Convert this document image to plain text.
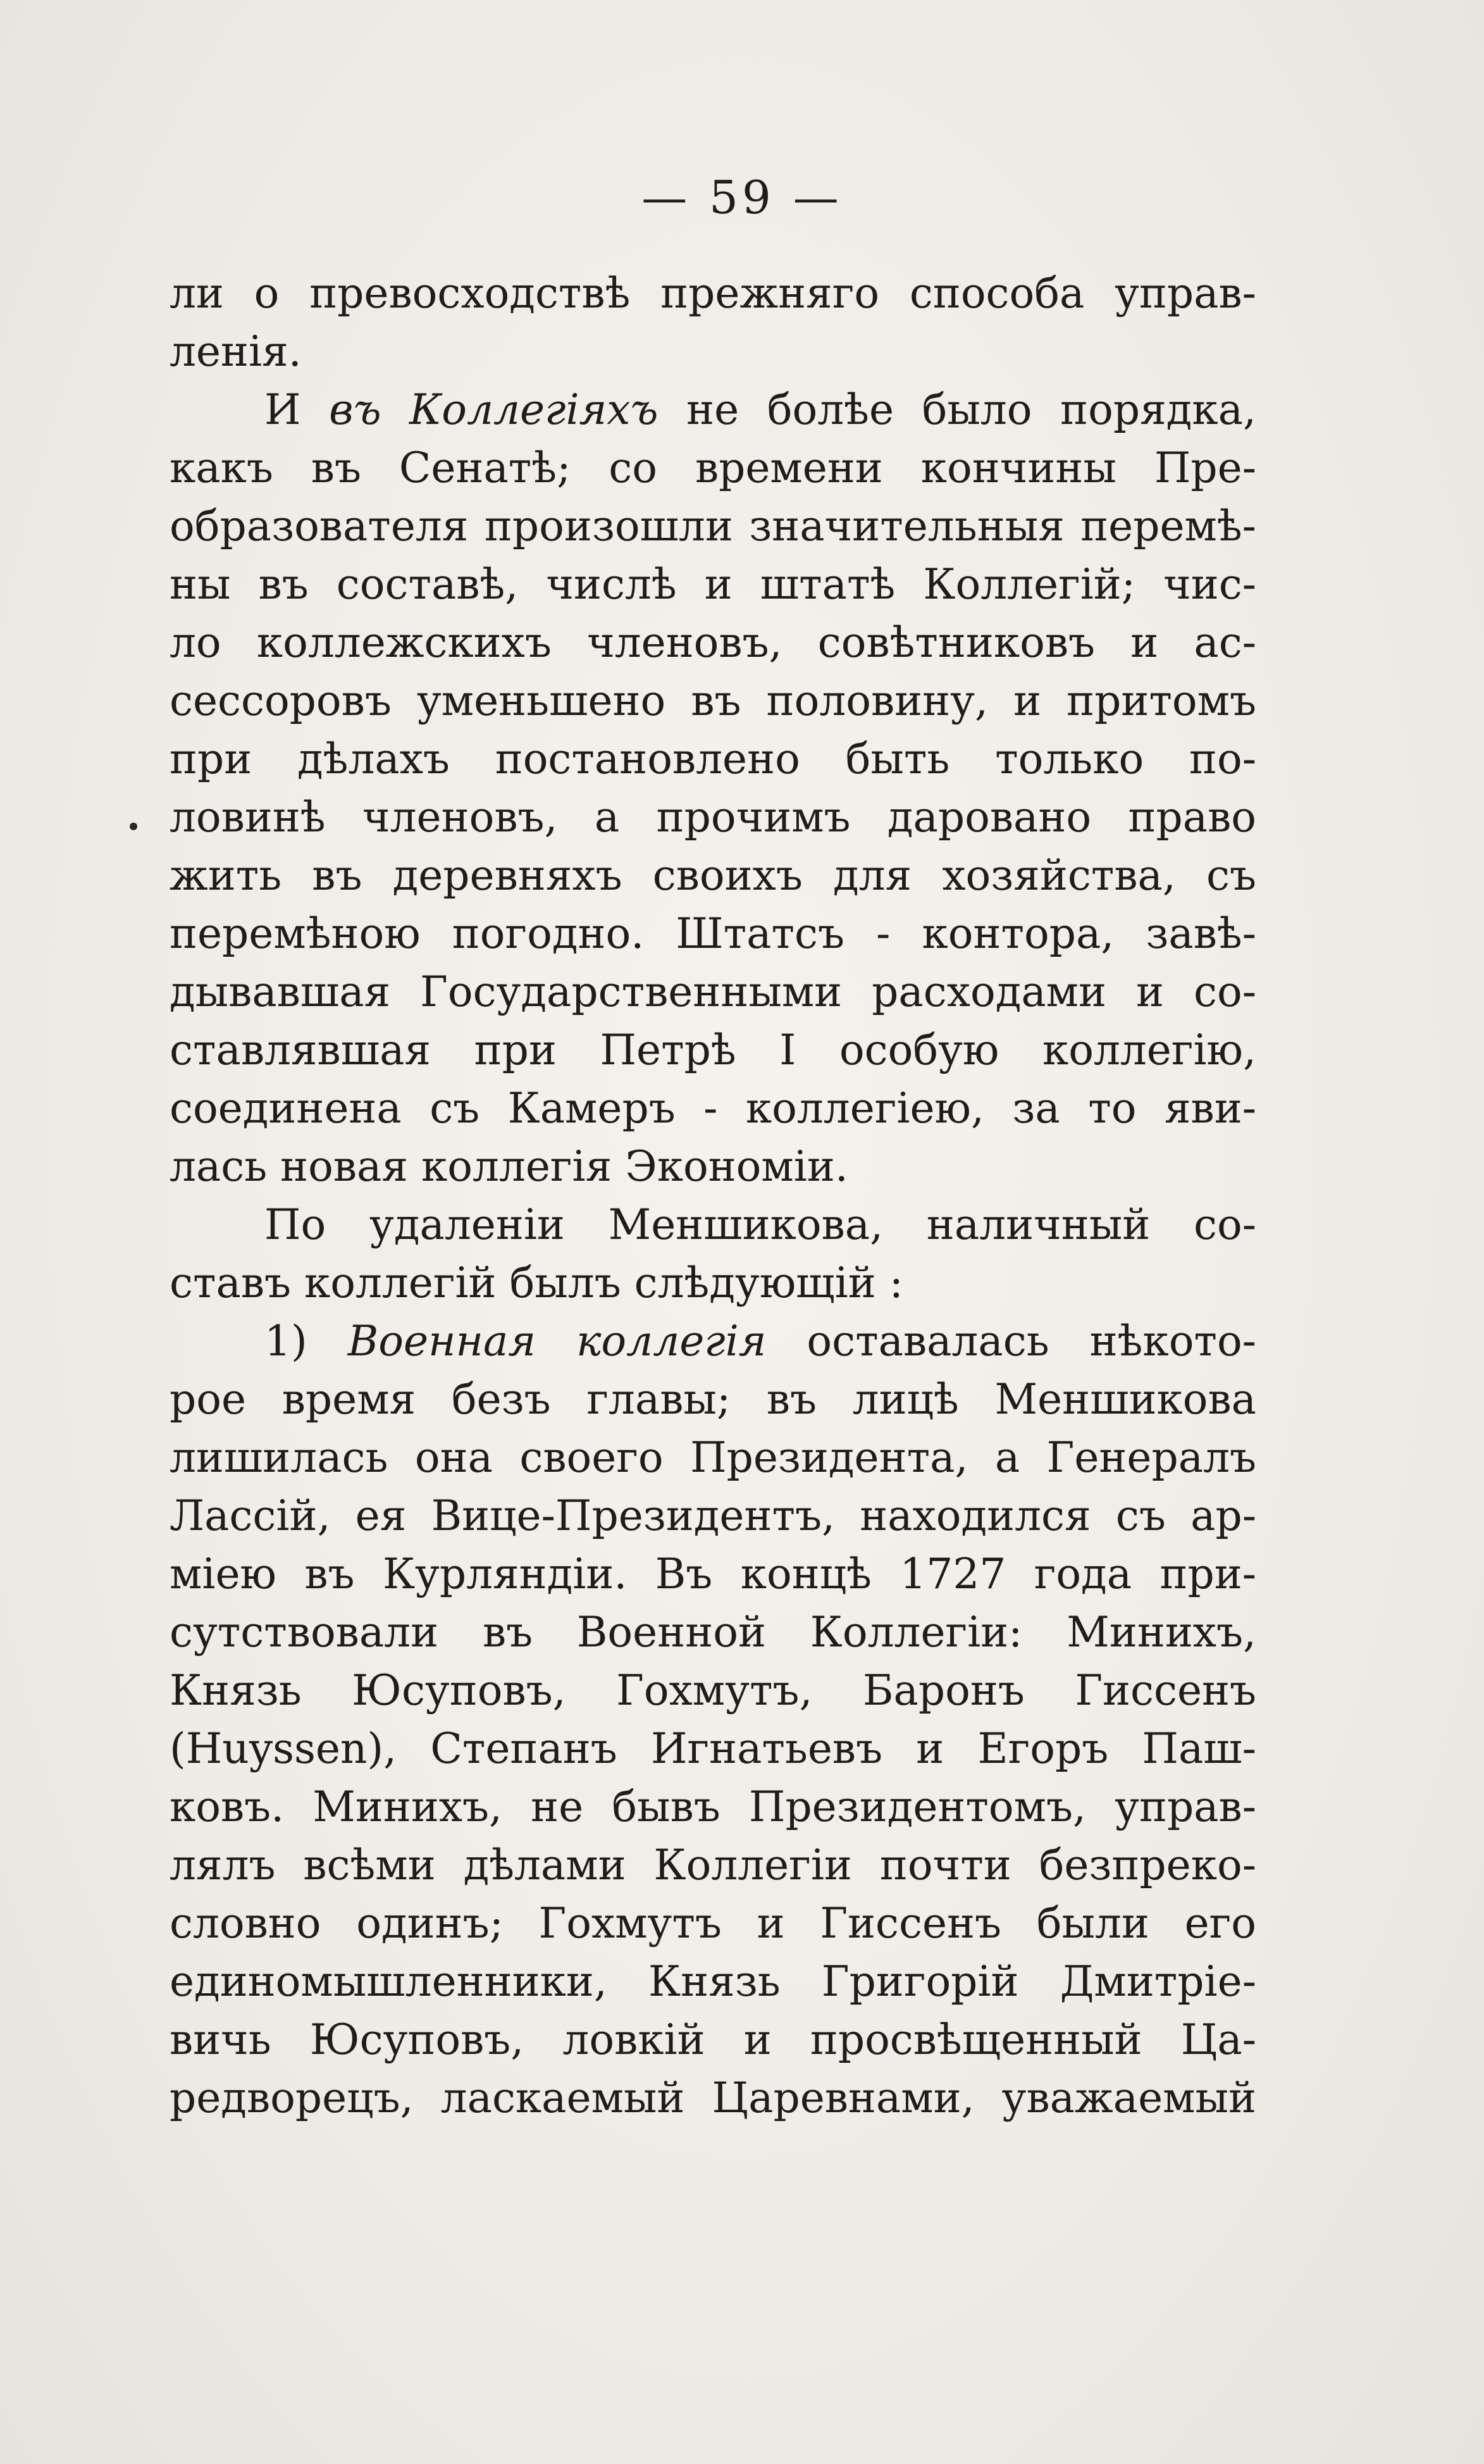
— 59 —
ли о превосходствѣ прежняго способа управ-
ленія.
И въ Коллегіяхъ не болѣе было порядка,
какъ въ Сенатѣ; со времени кончины Пре-
образователя произошли значительныя перемѣ-
ны въ составѣ, числѣ и штатѣ Коллегій; чис-
ло коллежскихъ членовъ, совѣтниковъ и ас-
сессоровъ уменьшено въ половину, и притомъ
при дѣлахъ постановлено быть только по-
ловинѣ членовъ, а прочимъ даровано право
жить въ деревняхъ своихъ для хозяйства, съ
перемѣною погодно. Штатсъ - контора, завѣ-
дывавшая Государственными расходами и со-
ставлявшая при Петрѣ I особую коллегію,
соединена съ Камеръ - коллегіею, за то яви-
лась новая коллегія Экономіи.
По удаленіи Меншикова, наличный со-
ставъ коллегій былъ слѣдующій :
1) Военная коллегія оставалась нѣкото-
рое время безъ главы; въ лицѣ Меншикова
лишилась она своего Президента, а Генералъ
Лассій, ея Вице-Президентъ, находился съ ар-
міею въ Курляндіи. Въ концѣ 1727 года при-
сутствовали въ Военной Коллегіи: Минихъ,
Князь Юсуповъ, Гохмутъ, Баронъ Гиссенъ
(Huyssen), Степанъ Игнатьевъ и Егоръ Паш-
ковъ. Минихъ, не бывъ Президентомъ, управ-
лялъ всѣми дѣлами Коллегіи почти безпреко-
словно одинъ; Гохмутъ и Гиссенъ были его
единомышленники, Князь Григорій Дмитріе-
вичь Юсуповъ, ловкій и просвѣщенный Ца-
редворецъ, ласкаемый Царевнами, уважаемый
